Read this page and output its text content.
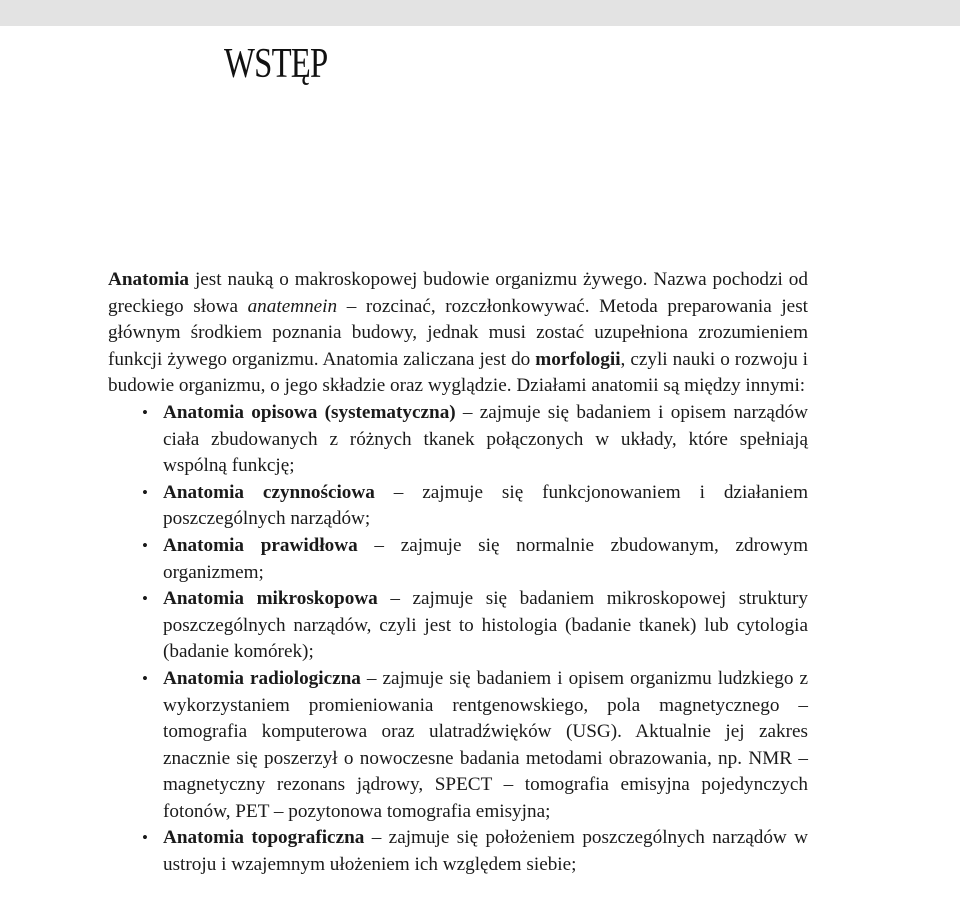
WSTĘP

Anatomia jest nauką o makroskopowej budowie organizmu żywego. Nazwa pochodzi od greckiego słowa anatemnein – rozcinać, rozczłonkowywać. Metoda preparowania jest głównym środkiem poznania budowy, jednak musi zostać uzupełniona zrozumieniem funkcji żywego organizmu. Anatomia zaliczana jest do morfologii, czyli nauki o rozwoju i budowie organizmu, o jego składzie oraz wyglądzie. Działami anatomii są między innymi:

• Anatomia opisowa (systematyczna) – zajmuje się badaniem i opisem narządów ciała zbudowanych z różnych tkanek połączonych w układy, które spełniają wspólną funkcję;
• Anatomia czynnościowa – zajmuje się funkcjonowaniem i działaniem poszczególnych narządów;
• Anatomia prawidłowa – zajmuje się normalnie zbudowanym, zdrowym organizmem;
• Anatomia mikroskopowa – zajmuje się badaniem mikroskopowej struktury poszczególnych narządów, czyli jest to histologia (badanie tkanek) lub cytologia (badanie komórek);
• Anatomia radiologiczna – zajmuje się badaniem i opisem organizmu ludzkiego z wykorzystaniem promieniowania rentgenowskiego, pola magnetycznego – tomografia komputerowa oraz ulatradźwięków (USG). Aktualnie jej zakres znacznie się poszerzył o nowoczesne badania metodami obrazowania, np. NMR – magnetyczny rezonans jądrowy, SPECT – tomografia emisyjna pojedynczych fotonów, PET – pozytonowa tomografia emisyjna;
• Anatomia topograficzna – zajmuje się położeniem poszczególnych narządów w ustroju i wzajemnym ułożeniem ich względem siebie;
